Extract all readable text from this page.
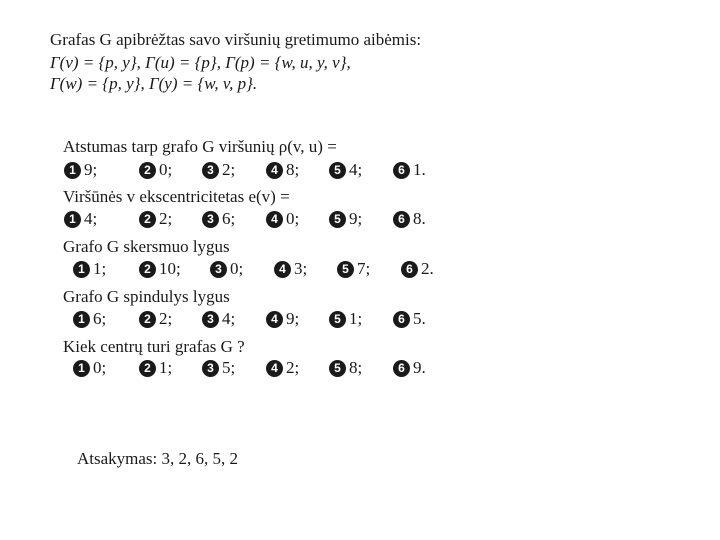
Grafas G apibrėžtas savo viršunių gretimumo aibėmis:
Γ(v) = {p, y}, Γ(u) = {p}, Γ(p) = {w, u, y, v},
Γ(w) = {p, y}, Γ(y) = {w, v, p}.
Atstumas tarp grafo G viršunių ρ(v, u) =
1 9;	2 0;	3 2;	4 8;	5 4;	6 1.
Viršūnės v ekscentricitetas e(v) =
1 4;	2 2;	3 6;	4 0;	5 9;	6 8.
Grafo G skersmuo lygus
1 1;	2 10;	3 0;	4 3;	5 7;	6 2.
Grafo G spindulys lygus
1 6;	2 2;	3 4;	4 9;	5 1;	6 5.
Kiek centrų turi grafas G ?
1 0;	2 1;	3 5;	4 2;	5 8;	6 9.
Atsakymas: 3, 2, 6, 5, 2
